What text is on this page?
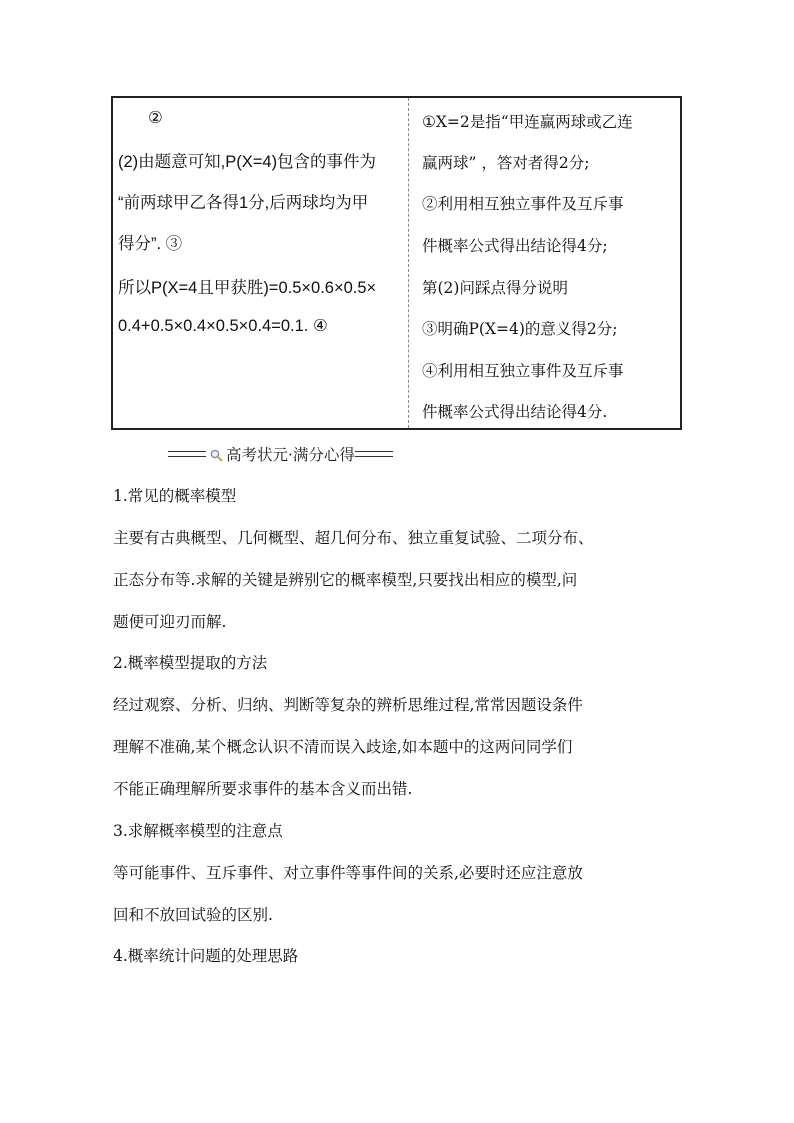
②
(2)由题意可知,P(X=4)包含的事件为
“前两球甲乙各得1分,后两球均为甲
得分”. ③
所以P(X=4且甲获胜)=0.5×0.6×0.5×
0.4+0.5×0.4×0.5×0.4=0.1. ④
①X=2是指“甲连赢两球或乙连
赢两球” ，答对者得2分;
②利用相互独立事件及互斥事
件概率公式得出结论得4分;
第(2)问踩点得分说明
③明确P(X=4)的意义得2分;
④利用相互独立事件及互斥事
件概率公式得出结论得4分.
高考状元·满分心得
1.常见的概率模型
主要有古典概型、几何概型、超几何分布、独立重复试验、二项分布、
正态分布等.求解的关键是辨别它的概率模型,只要找出相应的模型,问
题便可迎刃而解.
2.概率模型提取的方法
经过观察、分析、归纳、判断等复杂的辨析思维过程,常常因题设条件
理解不准确,某个概念认识不清而误入歧途,如本题中的这两问同学们
不能正确理解所要求事件的基本含义而出错.
3.求解概率模型的注意点
等可能事件、互斥事件、对立事件等事件间的关系,必要时还应注意放
回和不放回试验的区别.
4.概率统计问题的处理思路
